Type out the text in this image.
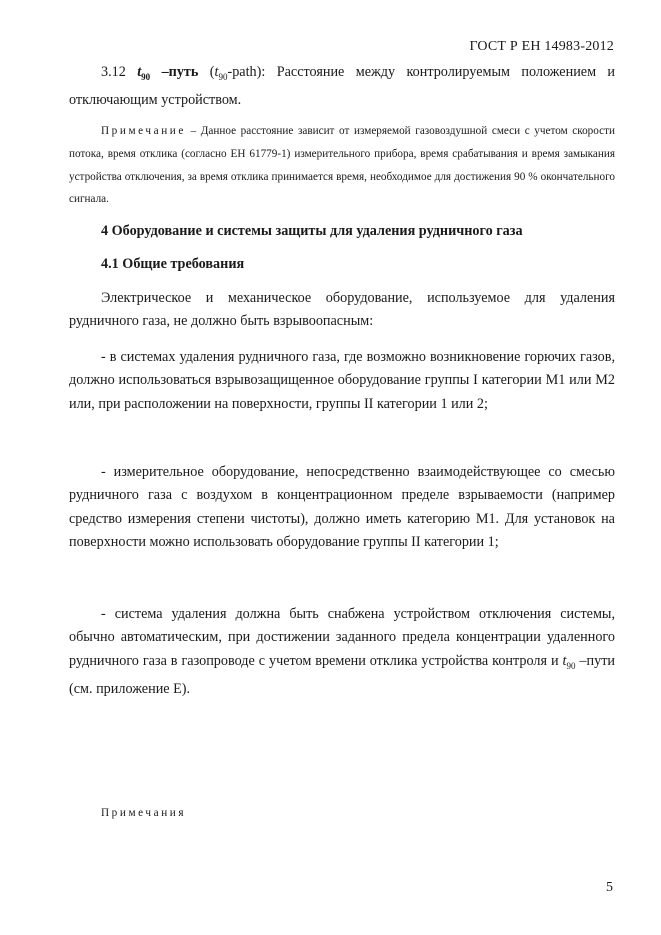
ГОСТ Р ЕН 14983-2012
3.12 $t_{90}$ –путь $(t_{90}-path)$: Расстояние между контролируемым положением и отключающим устройством.
Примечание – Данное расстояние зависит от измеряемой газовоздушной смеси с учетом скорости потока, время отклика (согласно ЕН 61779-1) измерительного прибора, время срабатывания и время замыкания устройства отключения, за время отклика принимается время, необходимое для достижения 90 % окончательного сигнала.
4 Оборудование и системы защиты для удаления рудничного газа
4.1 Общие требования
Электрическое и механическое оборудование, используемое для удаления рудничного газа, не должно быть взрывоопасным:
- в системах удаления рудничного газа, где возможно возникновение горючих газов, должно использоваться взрывозащищенное оборудование группы I категории М1 или М2 или, при расположении на поверхности, группы II категории 1 или 2;
- измерительное оборудование, непосредственно взаимодействующее со смесью рудничного газа с воздухом в концентрационном пределе взрываемости (например средство измерения степени чистоты), должно иметь категорию М1. Для установок на поверхности можно использовать оборудование группы II категории 1;
- система удаления должна быть снабжена устройством отключения системы, обычно автоматическим, при достижении заданного предела концентрации удаленного рудничного газа в газопроводе с учетом времени отклика устройства контроля и $t_{90}$ –пути (см. приложение Е).
Примечания
5
